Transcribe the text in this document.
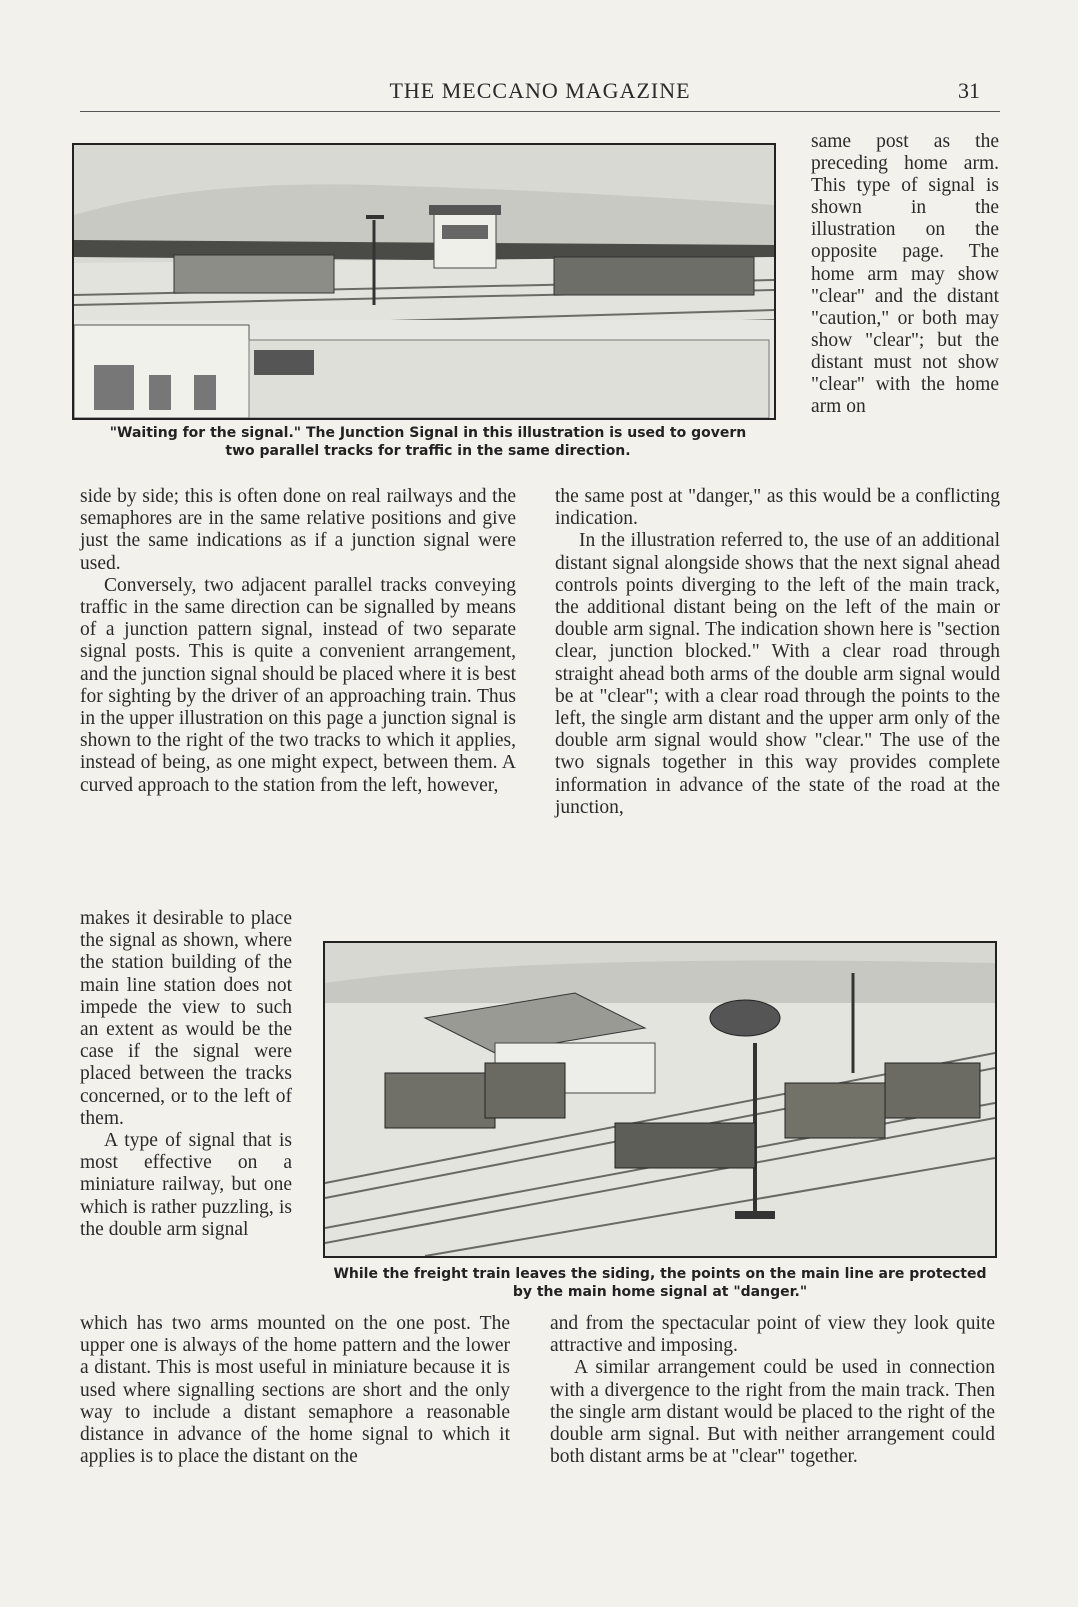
THE MECCANO MAGAZINE	31
"Waiting for the signal." The Junction Signal in this illustration is used to govern
two parallel tracks for traffic in the same direction.
While the freight train leaves the siding, the points on the main line are protected
by the main home signal at "danger."

same post as the preceding home arm. This type of signal is shown in the illustration on the opposite page. The home arm may show "clear" and the distant "caution," or both may show "clear"; but the distant must not show "clear" with the home arm on

side by side; this is often done on real railways and the semaphores are in the same relative positions and give just the same indications as if a junction signal were used.

Conversely, two adjacent parallel tracks conveying traffic in the same direction can be signalled by means of a junction pattern signal, instead of two separate signal posts. This is quite a convenient arrangement, and the junction signal should be placed where it is best for sighting by the driver of an approaching train. Thus in the upper illustration on this page a junction signal is shown to the right of the two tracks to which it applies, instead of being, as one might expect, between them. A curved approach to the station from the left, however,

makes it desirable to place the signal as shown, where the station building of the main line station does not impede the view to such an extent as would be the case if the signal were placed between the tracks concerned, or to the left of them.

A type of signal that is most effective on a miniature railway, but one which is rather puzzling, is the double arm signal

which has two arms mounted on the one post. The upper one is always of the home pattern and the lower a distant. This is most useful in miniature because it is used where signalling sections are short and the only way to include a distant semaphore a reasonable distance in advance of the home signal to which it applies is to place the distant on the

the same post at "danger," as this would be a conflicting indication.

In the illustration referred to, the use of an additional distant signal alongside shows that the next signal ahead controls points diverging to the left of the main track, the additional distant being on the left of the main or double arm signal. The indication shown here is "section clear, junction blocked." With a clear road through straight ahead both arms of the double arm signal would be at "clear"; with a clear road through the points to the left, the single arm distant and the upper arm only of the double arm signal would show "clear." The use of the two signals together in this way provides complete information in advance of the state of the road at the junction,

and from the spectacular point of view they look quite attractive and imposing.

A similar arrangement could be used in connection with a divergence to the right from the main track. Then the single arm distant would be placed to the right of the double arm signal. But with neither arrangement could both distant arms be at "clear" together.
